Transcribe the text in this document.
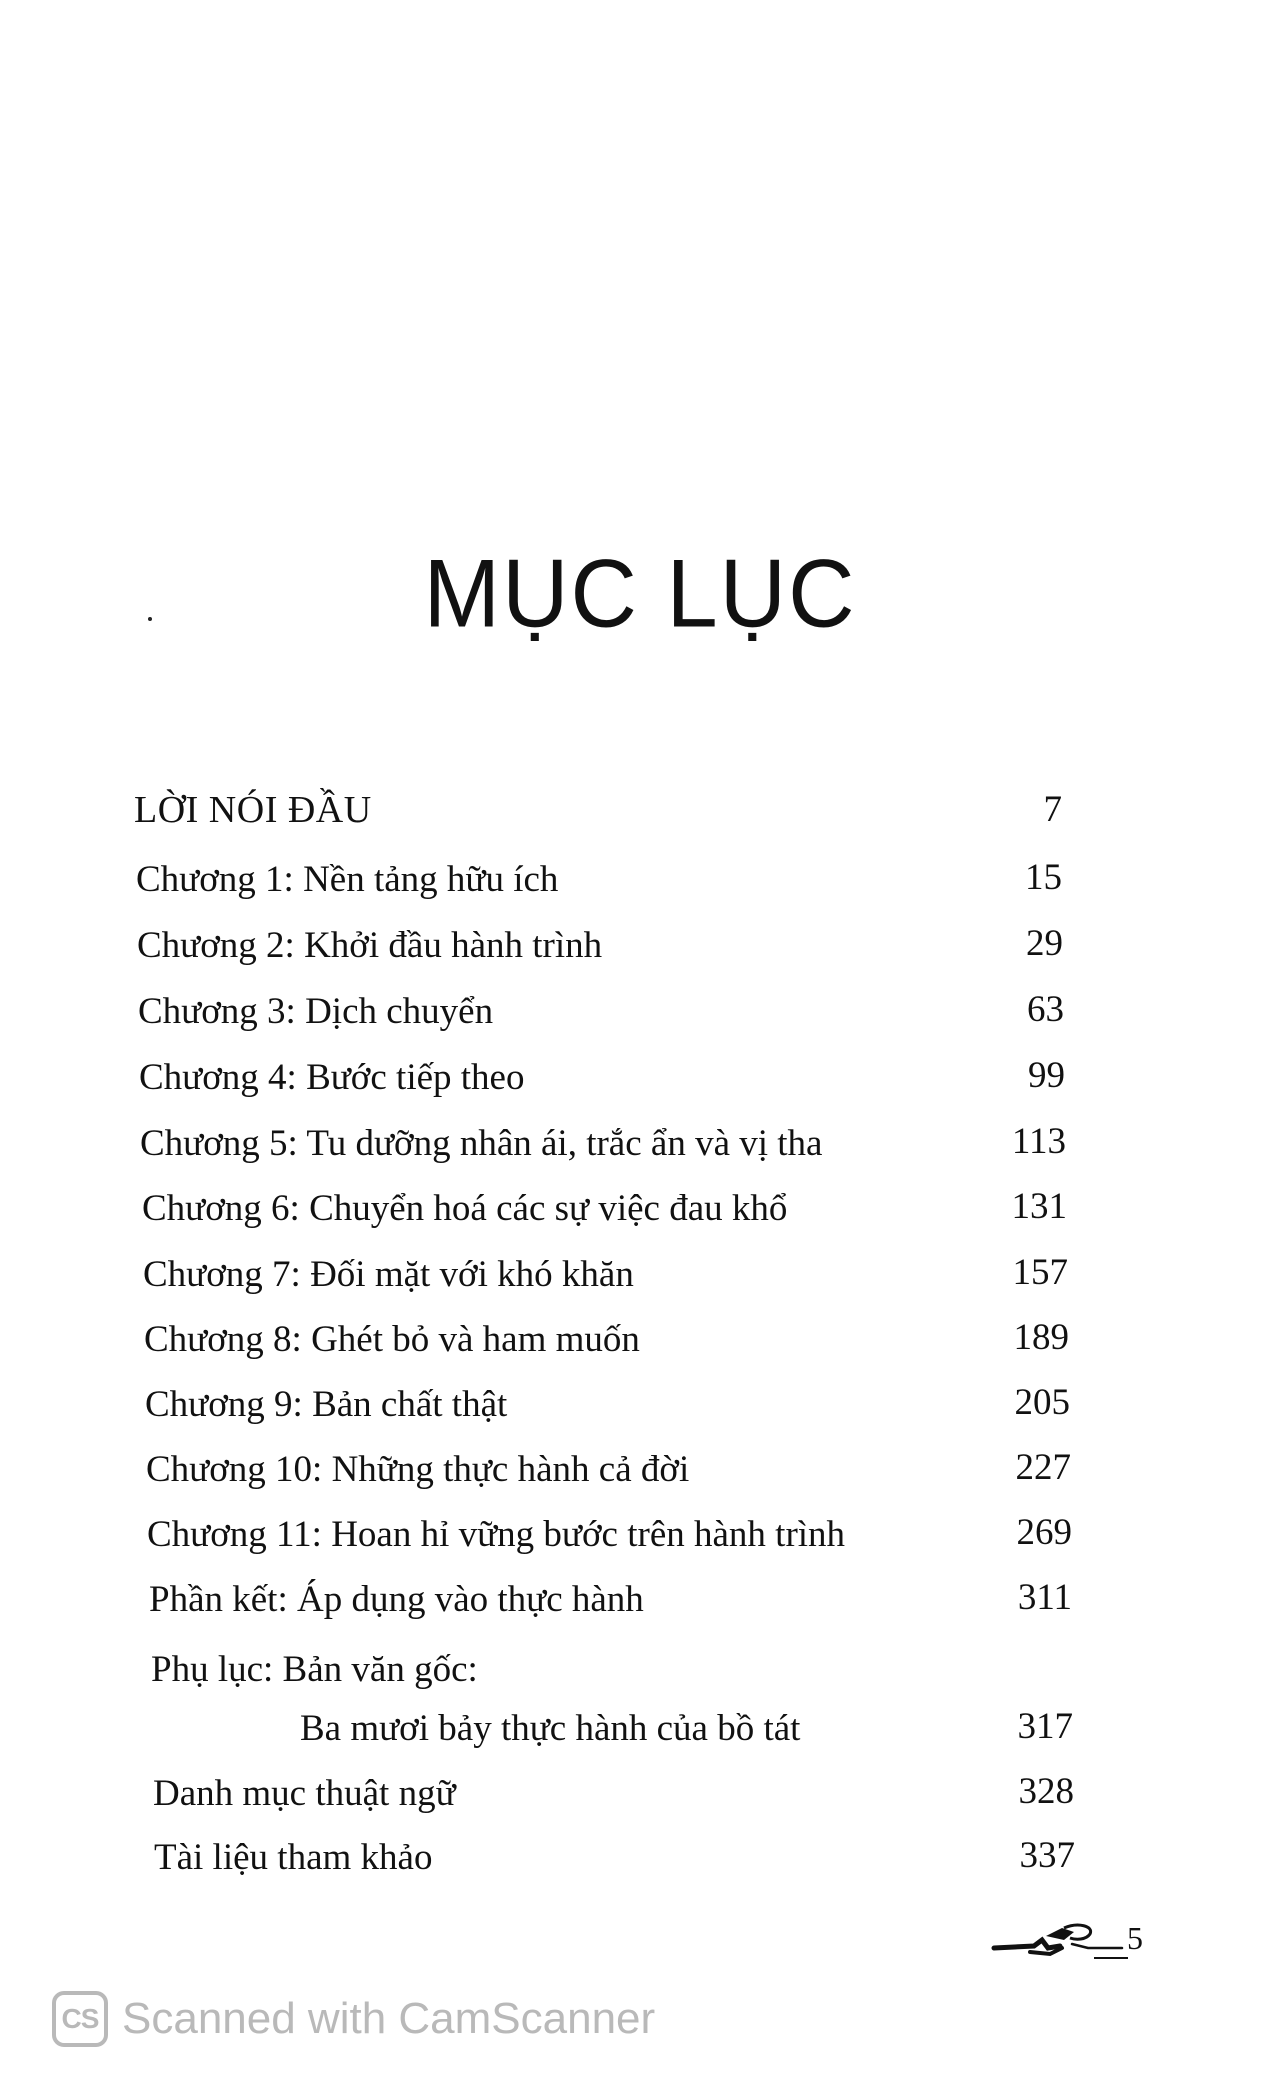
MỤC LỤC
LỜI NÓI ĐẦU	7
Chương 1: Nền tảng hữu ích	15
Chương 2: Khởi đầu hành trình	29
Chương 3: Dịch chuyển	63
Chương 4: Bước tiếp theo	99
Chương 5: Tu dưỡng nhân ái, trắc ẩn và vị tha	113
Chương 6: Chuyển hoá các sự việc đau khổ	131
Chương 7: Đối mặt với khó khăn	157
Chương 8: Ghét bỏ và ham muốn	189
Chương 9: Bản chất thật	205
Chương 10: Những thực hành cả đời	227
Chương 11: Hoan hỉ vững bước trên hành trình	269
Phần kết: Áp dụng vào thực hành	311
Phụ lục: Bản văn gốc:
Ba mươi bảy thực hành của bồ tát	317
Danh mục thuật ngữ	328
Tài liệu tham khảo	337
5
CS Scanned with CamScanner
